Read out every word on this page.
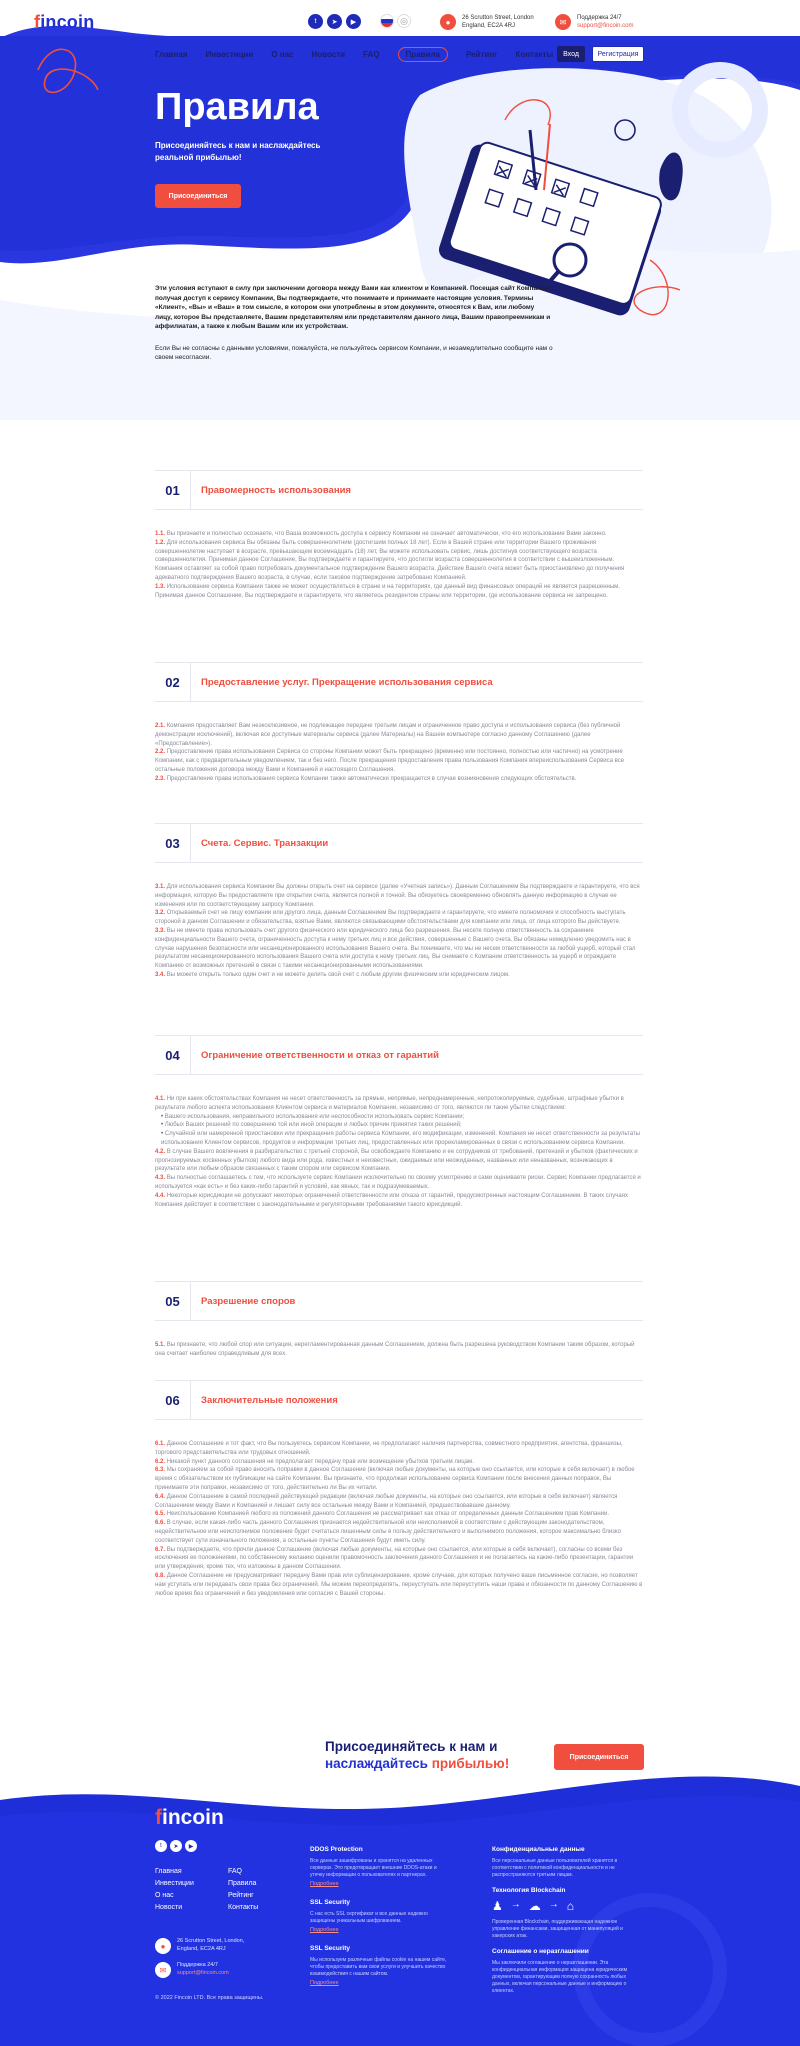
fincoin	t	➤	▶	◎	●	26 Scrutton Street, London
England, EC2A 4RJ	✉	Поддержка 24/7
support@fincoin.com
Главная Инвестиции О нас Новости FAQ	Правила	Рейтинг Контакты	Вход	Регистрация
Правила

Присоединяйтесь к нам и наслаждайтесь реальной прибылью!

Присоединиться

Эти условия вступают в силу при заключении договора между Вами как клиентом и Компанией. Посещая сайт Компании, получая доступ к сервису Компании, Вы подтверждаете, что понимаете и принимаете настоящие условия. Термины «Клиент», «Вы» и «Ваш» в том смысле, в котором они употреблены в этом документе, относятся к Вам, или любому лицу, которое Вы представляете, Вашим представителям или представителям данного лица, Вашим правопреемникам и аффилиатам, а также к любым Вашим или их устройствам.

Если Вы не согласны с данными условиями, пожалуйста, не пользуйтесь сервисом Компании, и незамедлительно сообщите нам о своем несогласии.

01	Правомерность использования

1.1. Вы признаете и полностью осознаете, что Ваша возможность доступа к сервису Компании не означает автоматически, что его использование Вами законно.

1.2. Для использования сервиса Вы обязаны быть совершеннолетним (достигшим полных 18 лет). Если в Вашей стране или территории Вашего проживания совершеннолетие наступает в возрасте, превышающем восемнадцать (18) лет, Вы можете использовать сервис, лишь достигнув соответствующего возраста совершеннолетия. Принимая данное Соглашение, Вы подтверждаете и гарантируете, что достигли возраста совершеннолетия в соответствии с вышеизложенным. Компания оставляет за собой право потребовать документальное подтверждение Вашего возраста. Действие Вашего счета может быть приостановлено до получения адекватного подтверждения Вашего возраста, в случае, если таковое подтверждение затребовано Компанией.

1.3. Использование сервиса Компании также не может осуществляться в стране и на территориях, где данный вид финансовых операций не является разрешенным. Принимая данное Соглашение, Вы подтверждаете и гарантируете, что являетесь резидентом страны или территории, где использование сервиса не запрещено.

02	Предоставление услуг. Прекращение использования сервиса

2.1. Компания предоставляет Вам неэксклюзивное, не подлежащее передаче третьим лицам и ограниченное право доступа и использования сервиса (без публичной демонстрации исключений), включая все доступные материалы сервиса (далее Материалы) на Вашем компьютере согласно данному Соглашению (далее «Предоставление»).

2.2. Предоставление права использования Сервиса со стороны Компании может быть прекращено (временно или постоянно, полностью или частично) на усмотрение Компании, как с предварительным уведомлением, так и без него. После прекращения предоставления права пользования Компания впереиспользования Сервиса все остальные положения договора между Вами и Компанией и настоящего Соглашения.

2.3. Предоставление права использования сервиса Компании также автоматически прекращается в случае возникновения следующих обстоятельств.

03	Счета. Сервис. Транзакции

3.1. Для использования сервиса Компании Вы должны открыть счет на сервисе (далее «Учетная запись»). Данным Соглашением Вы подтверждаете и гарантируете, что вся информация, которую Вы предоставляете при открытии счета, является полной и точной. Вы обязуетесь своевременно обновлять данную информацию в случае ее изменения или по соответствующему запросу Компании.

3.2. Открываемый счет не лицу компании или другого лица, данным Соглашением Вы подтверждаете и гарантируете, что имеете полномочия и способность выступать стороной в данном Соглашении и обязательства, взятые Вами, являются связывающими обстоятельствами для компании или лица, от лица которого Вы действуете.

3.3. Вы не имеете права использовать счет другого физического или юридического лица без разрешения. Вы несете полную ответственность за сохранение конфиденциальности Вашего счета, ограниченность доступа к нему третьих лиц и все действия, совершенные с Вашего счета. Вы обязаны немедленно уведомить нас в случае нарушения безопасности или несанкционированного использования Вашего счета. Вы понимаете, что мы не несем ответственности за любой ущерб, который стал результатом несанкционированного использования Вашего счета или доступа к нему третьих лиц. Вы снимаете с Компании ответственность за ущерб и ограждаете Компанию от возможных претензий в связи с такими несанкционированными использованиями.

3.4. Вы можете открыть только один счет и не можете делить свой счет с любым другим физическим или юридическим лицом.

04	Ограничение ответственности и отказ от гарантий

4.1. Ни при каких обстоятельствах Компания не несет ответственность за прямые, непрямые, непреднамеренные, непротоколируемые, судебные, штрафные убытки в результате любого аспекта использования Клиентом сервиса и материалов Компании, независимо от того, являются ли такие убытки следствием:

• Вашего использования, неправильного использования или неспособности использовать сервис Компании;
• Любых Ваших решений по совершению той или иной операции и любых причин принятия таких решений;
• Случайной или намеренной приостановки или прекращения работы сервиса Компании, его модификации, изменений. Компания не несет ответственности за результаты использования Клиентом сервисов, продуктов и информации третьих лиц, предоставленных или прорекламированных в связи с использованием сервиса Компании.

4.2. В случае Вашего вовлечения в разбирательство с третьей стороной, Вы освобождаете Компанию и ее сотрудников от требований, претензий и убытков (фактических и прогнозируемых косвенных убытков) любого вида или рода, известных и неизвестных, ожидаемых или неожиданных, названных или неназванных, возникающих в результате или любым образом связанных с таким спором или сервисом Компании.

4.3. Вы полностью соглашаетесь с тем, что используете сервис Компании исключительно по своему усмотрению и сами оцениваете риски. Сервис Компании предлагается и используется «как есть» и без каких-либо гарантий и условий, как явных, так и подразумеваемых.

4.4. Некоторые юрисдикции не допускают некоторых ограничений ответственности или отказа от гарантий, предусмотренных настоящим Соглашением. В таких случаях Компания действует в соответствии с законодательными и регуляторными требованиями такого юрисдикций.

05	Разрешение споров

5.1. Вы признаете, что любой спор или ситуация, нерегламентированная данным Соглашением, должна быть разрешена руководством Компании таким образом, который она считает наиболее справедливым для всех.

06	Заключительные положения

6.1. Данное Соглашение и тот факт, что Вы пользуетесь сервисом Компании, не предполагают наличия партнерства, совместного предприятия, агентства, франшизы, торгового представительства или трудовых отношений.

6.2. Никакой пункт данного соглашения не предполагает передачу прав или возмещение убытков третьим лицам.

6.3. Мы сохраняем за собой право вносить поправки в данное Соглашение (включая любые документы, на которые оно ссылается, или которые в себя включает) в любое время с обязательством их публикации на сайте Компании. Вы признаете, что продолжая использование сервиса Компании после внесения данных поправок, Вы принимаете эти поправки, независимо от того, действительно ли Вы их читали.

6.4. Данное Соглашение в самой последней действующей редакции (включая любые документы, на которые оно ссылается, или которые в себя включает) является Соглашением между Вами и Компанией и лишает силу все остальные между Вами и Компанией, предшествовавшие данному.

6.5. Неиспользование Компанией любого из положений данного Соглашения не рассматривает как отказ от определенных данным Соглашением прав Компании.

6.6. В случае, если какая-либо часть данного Соглашения признается недействительной или неисполнимой в соответствии с действующим законодательством, недействительное или неисполнимое положение будет считаться лишенным силы в пользу действительного и выполнимого положения, которое максимально близко соответствует сути изначального положения, а остальные пункты Соглашения будут иметь силу.

6.7. Вы подтверждаете, что прочли данное Соглашение (включая любые документы, на которые оно ссылается, или которые в себя включает), согласны со всеми без исключения ее положениями, по собственному желанию оценили правомочность заключения данного Соглашения и не полагаетесь на какие-либо презентации, гарантии или утверждения, кроме тех, что изложены в данном Соглашении.

6.8. Данное Соглашение не предусматривает передачу Вами прав или сублицензирование, кроме случаев, для которых получено ваше письменное согласие, но позволяет нам уступать или передавать свои права без ограничений. Мы можем переопределять, переуступать или переуступить наши права и обязанности по данному Соглашению в любое время без ограничений и без уведомления или согласия с Вашей стороны.

Присоединяйтесь к нам и
наслаждайтесь прибылью!	Присоединиться
fincoin
t	➤	▶
Главная	FAQ
Инвестиции	Правила
О нас	Рейтинг
Новости	Контакты
●
26 Scrutton Street, London,
England, EC2A 4RJ
✉
Поддержка 24/7
support@fincoin.com
© 2022 Fincoin LTD. Все права защищены.
DDOS Protection

Все данные зашифрованы и хранятся на удаленных серверах. Это предотвращает внешние DDOS-атаки и утечку информации о пользователях и партнерах.

Подробнее
SSL Security

С нас есть SSL сертификат и все данные надежно защищены уникальным шифрованием.

Подробнее
SSL Security

Мы используем различные файлы cookie на нашем сайте, чтобы предоставить вам свои услуги и улучшить качество взаимодействия с нашим сайтом.

Подробнее
Конфиденциальные данные

Все персональные данные пользователей хранятся в соответствии с политикой конфиденциальности и не распространяются третьим лицам.

Технология Blockchain
♟ → ☁ → ⌂

Проверенная Blockchain, поддерживающая надежное управление финансами, защищенная от манипуляций и хакерских атак.

Соглашение о неразглашении

Мы заключили соглашение о неразглашении. Эта конфиденциальная информация защищена юридическим документом, гарантирующим полную сохранность любых данных, включая персональные данные и информацию о клиентах.
